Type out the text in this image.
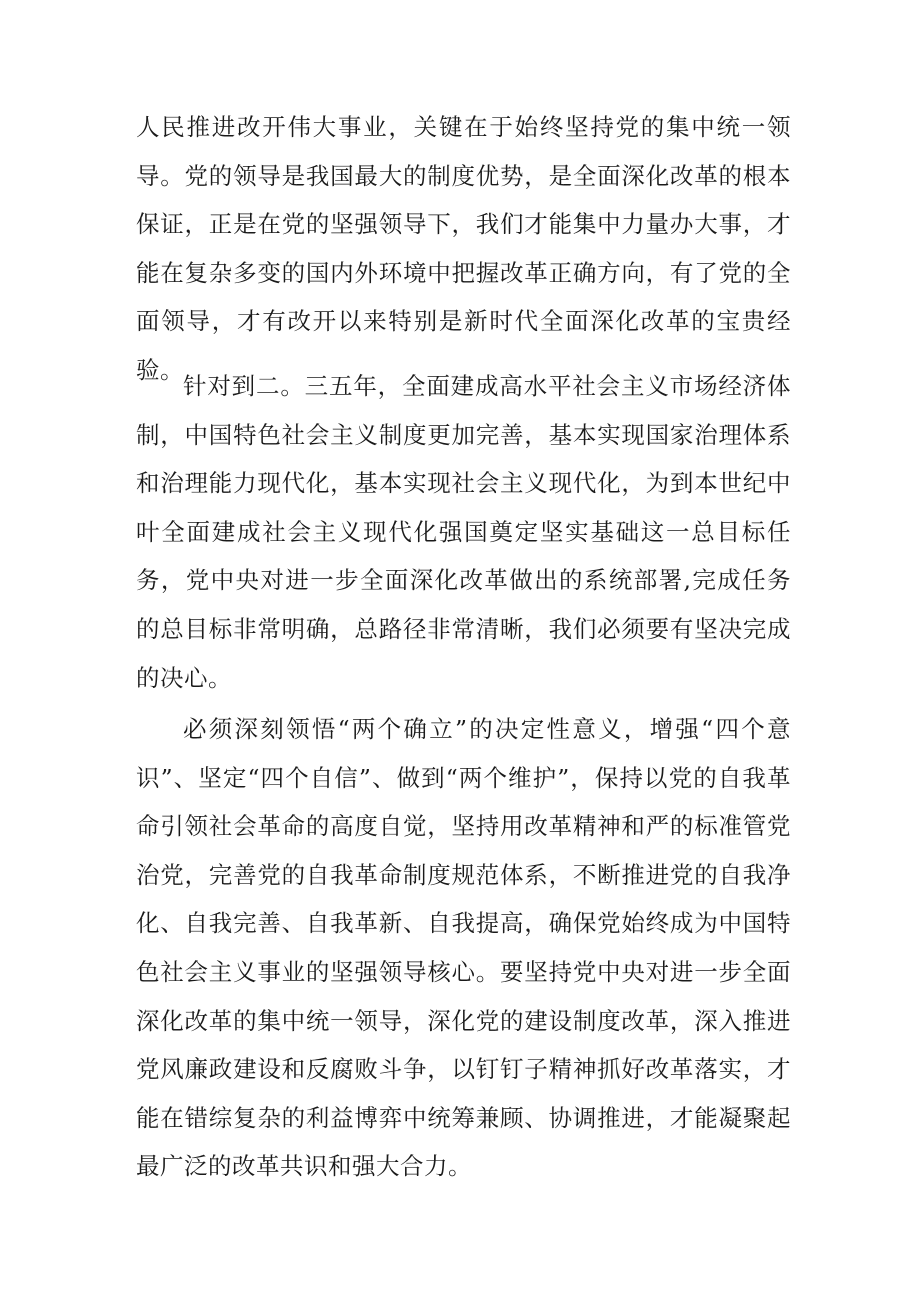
人民推进改开伟大事业，关键在于始终坚持党的集中统一领导。党的领导是我国最大的制度优势，是全面深化改革的根本保证，正是在党的坚强领导下，我们才能集中力量办大事，才能在复杂多变的国内外环境中把握改革正确方向，有了党的全面领导，才有改开以来特别是新时代全面深化改革的宝贵经验。

针对到二。三五年，全面建成高水平社会主义市场经济体制，中国特色社会主义制度更加完善，基本实现国家治理体系和治理能力现代化，基本实现社会主义现代化，为到本世纪中叶全面建成社会主义现代化强国奠定坚实基础这一总目标任务，党中央对进一步全面深化改革做出的系统部署,完成任务的总目标非常明确，总路径非常清晰，我们必须要有坚决完成的决心。

必须深刻领悟“两个确立”的决定性意义，增强“四个意识”、坚定“四个自信”、做到“两个维护”，保持以党的自我革命引领社会革命的高度自觉，坚持用改革精神和严的标准管党治党，完善党的自我革命制度规范体系，不断推进党的自我净化、自我完善、自我革新、自我提高，确保党始终成为中国特色社会主义事业的坚强领导核心。要坚持党中央对进一步全面深化改革的集中统一领导，深化党的建设制度改革，深入推进党风廉政建设和反腐败斗争，以钉钉子精神抓好改革落实，才能在错综复杂的利益博弈中统筹兼顾、协调推进，才能凝聚起最广泛的改革共识和强大合力。
